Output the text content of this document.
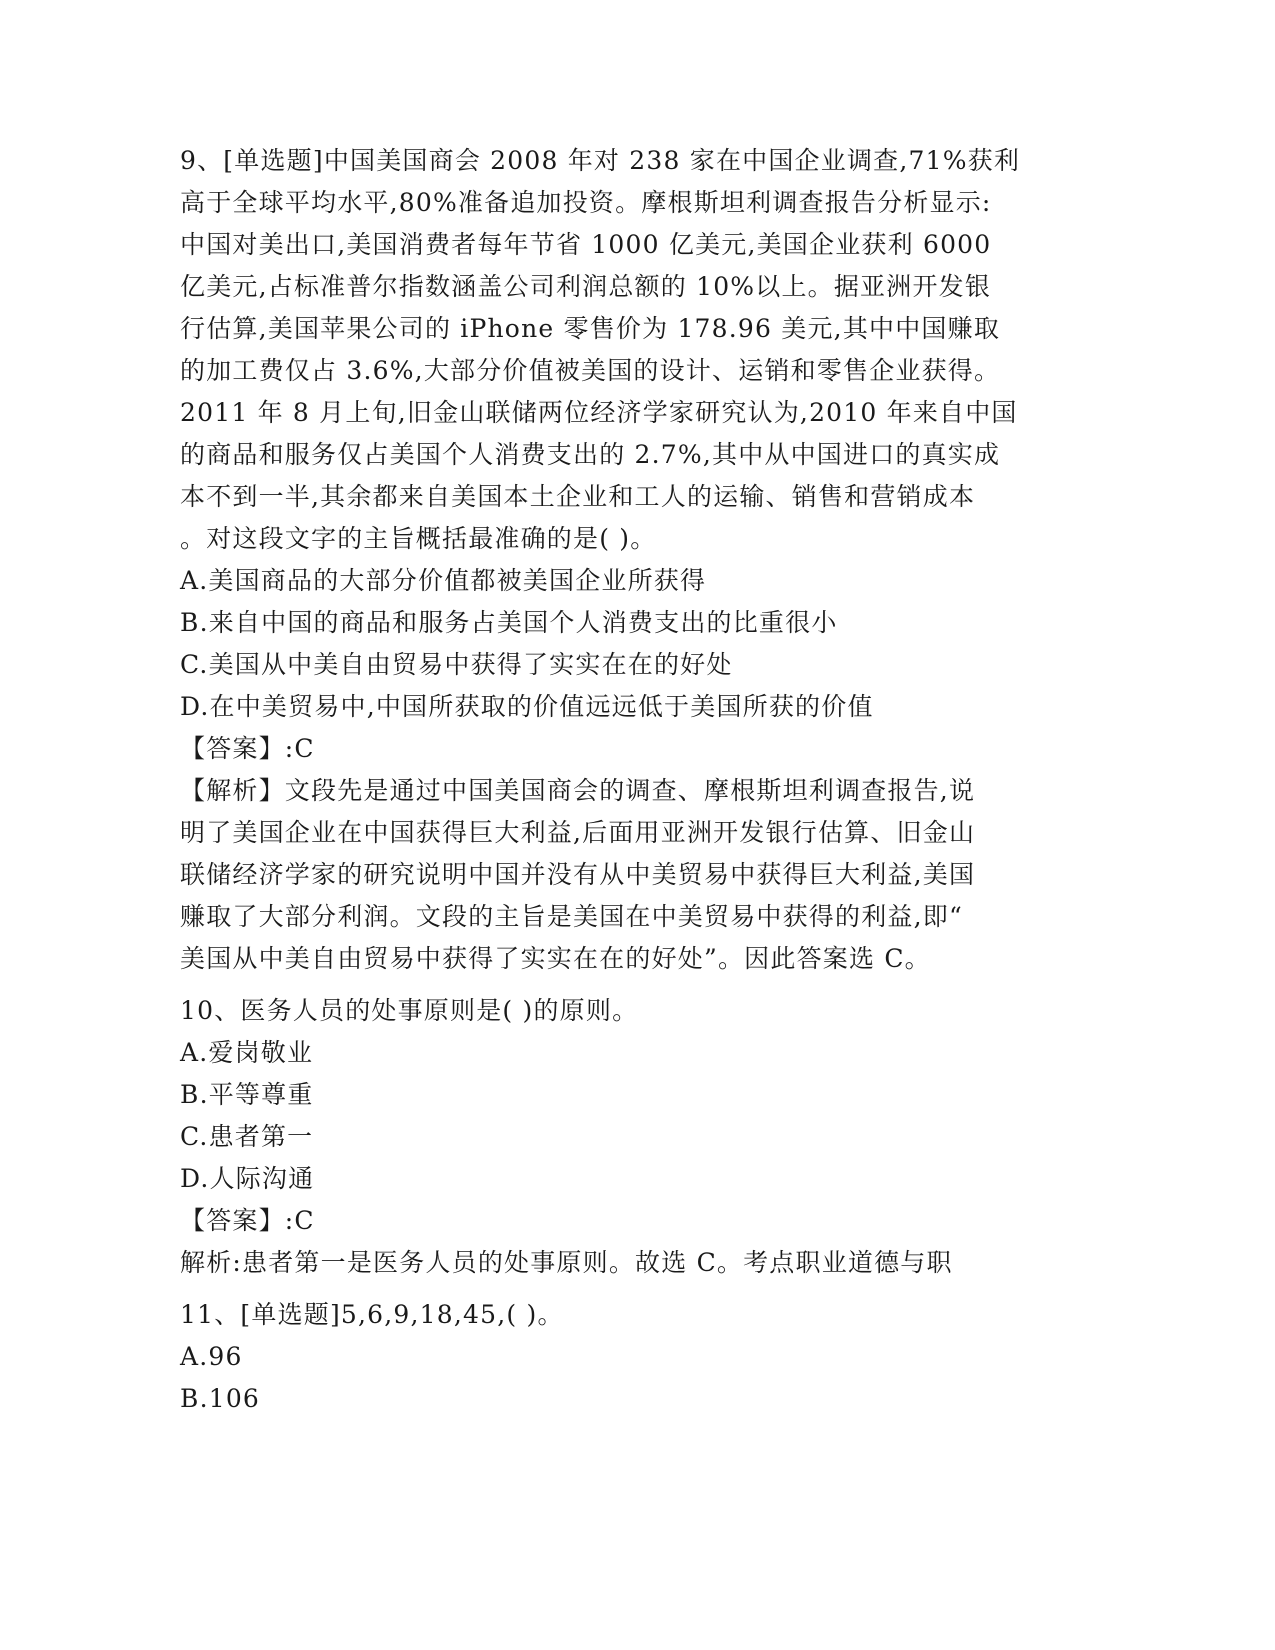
9、[单选题]中国美国商会 2008 年对 238 家在中国企业调查,71%获利
高于全球平均水平,80%准备追加投资。摩根斯坦利调查报告分析显示:
中国对美出口,美国消费者每年节省 1000 亿美元,美国企业获利 6000
亿美元,占标准普尔指数涵盖公司利润总额的 10%以上。据亚洲开发银
行估算,美国苹果公司的 iPhone 零售价为 178.96 美元,其中中国赚取
的加工费仅占 3.6%,大部分价值被美国的设计、运销和零售企业获得。
2011 年 8 月上旬,旧金山联储两位经济学家研究认为,2010 年来自中国
的商品和服务仅占美国个人消费支出的 2.7%,其中从中国进口的真实成
本不到一半,其余都来自美国本土企业和工人的运输、销售和营销成本
。对这段文字的主旨概括最准确的是( )。
A.美国商品的大部分价值都被美国企业所获得
B.来自中国的商品和服务占美国个人消费支出的比重很小
C.美国从中美自由贸易中获得了实实在在的好处
D.在中美贸易中,中国所获取的价值远远低于美国所获的价值
【答案】:C
【解析】文段先是通过中国美国商会的调查、摩根斯坦利调查报告,说
明了美国企业在中国获得巨大利益,后面用亚洲开发银行估算、旧金山
联储经济学家的研究说明中国并没有从中美贸易中获得巨大利益,美国
赚取了大部分利润。文段的主旨是美国在中美贸易中获得的利益,即“
美国从中美自由贸易中获得了实实在在的好处”。因此答案选 C。
10、医务人员的处事原则是( )的原则。
A.爱岗敬业
B.平等尊重
C.患者第一
D.人际沟通
【答案】:C
解析:患者第一是医务人员的处事原则。故选 C。考点职业道德与职
11、[单选题]5,6,9,18,45,( )。
A.96
B.106
